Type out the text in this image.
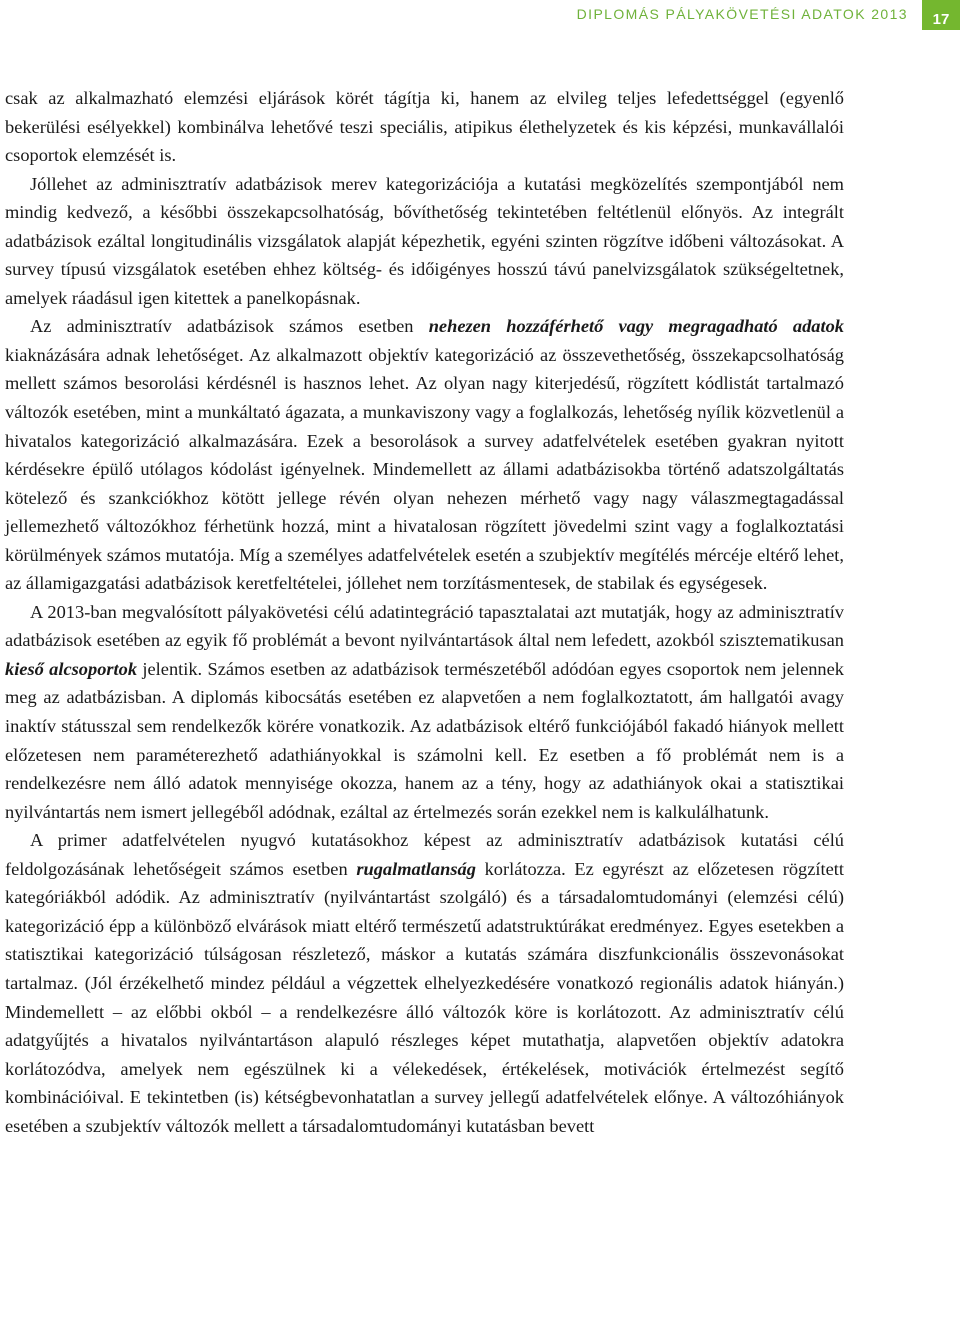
DIPLOMÁS PÁLYAKÖVETÉSI ADATOK 2013	17

csak az alkalmazható elemzési eljárások körét tágítja ki, hanem az elvileg teljes lefedettséggel (egyenlő bekerülési esélyekkel) kombinálva lehetővé teszi speciális, atipikus élethelyzetek és kis képzési, munkavállalói csoportok elemzését is.

Jóllehet az adminisztratív adatbázisok merev kategorizációja a kutatási megközelítés szempontjából nem mindig kedvező, a későbbi összekapcsolhatóság, bővíthetőség tekintetében feltétlenül előnyös. Az integrált adatbázisok ezáltal longitudinális vizsgálatok alapját képezhetik, egyéni szinten rögzítve időbeni változásokat. A survey típusú vizsgálatok esetében ehhez költség- és időigényes hosszú távú panelvizsgálatok szükségeltetnek, amelyek ráadásul igen kitettek a panelkopásnak.

Az adminisztratív adatbázisok számos esetben nehezen hozzáférhető vagy megragadható adatok kiaknázására adnak lehetőséget. Az alkalmazott objektív kategorizáció az összevethetőség, összekapcsolhatóság mellett számos besorolási kérdésnél is hasznos lehet. Az olyan nagy kiterjedésű, rögzített kódlistát tartalmazó változók esetében, mint a munkáltató ágazata, a munkaviszony vagy a foglalkozás, lehetőség nyílik közvetlenül a hivatalos kategorizáció alkalmazására. Ezek a besorolások a survey adatfelvételek esetében gyakran nyitott kérdésekre épülő utólagos kódolást igényelnek. Mindemellett az állami adatbázisokba történő adatszolgáltatás kötelező és szankciókhoz kötött jellege révén olyan nehezen mérhető vagy nagy válaszmegtagadással jellemezhető változókhoz férhetünk hozzá, mint a hivatalosan rögzített jövedelmi szint vagy a foglalkoztatási körülmények számos mutatója. Míg a személyes adatfelvételek esetén a szubjektív megítélés mércéje eltérő lehet, az államigazgatási adatbázisok keretfeltételei, jóllehet nem torzításmentesek, de stabilak és egységesek.

A 2013-ban megvalósított pályakövetési célú adatintegráció tapasztalatai azt mutatják, hogy az adminisztratív adatbázisok esetében az egyik fő problémát a bevont nyilvántartások által nem lefedett, azokból szisztematikusan kieső alcsoportok jelentik. Számos esetben az adatbázisok természetéből adódóan egyes csoportok nem jelennek meg az adatbázisban. A diplomás kibocsátás esetében ez alapvetően a nem foglalkoztatott, ám hallgatói avagy inaktív státusszal sem rendelkezők körére vonatkozik. Az adatbázisok eltérő funkciójából fakadó hiányok mellett előzetesen nem paraméterezhető adathiányokkal is számolni kell. Ez esetben a fő problémát nem is a rendelkezésre nem álló adatok mennyisége okozza, hanem az a tény, hogy az adathiányok okai a statisztikai nyilvántartás nem ismert jellegéből adódnak, ezáltal az értelmezés során ezekkel nem is kalkulálhatunk.

A primer adatfelvételen nyugvó kutatásokhoz képest az adminisztratív adatbázisok kutatási célú feldolgozásának lehetőségeit számos esetben rugalmatlanság korlátozza. Ez egyrészt az előzetesen rögzített kategóriákból adódik. Az adminisztratív (nyilvántartást szolgáló) és a társadalomtudományi (elemzési célú) kategorizáció épp a különböző elvárások miatt eltérő természetű adatstruktúrákat eredményez. Egyes esetekben a statisztikai kategorizáció túlságosan részletező, máskor a kutatás számára diszfunkcionális összevonásokat tartalmaz. (Jól érzékelhető mindez például a végzettek elhelyezkedésére vonatkozó regionális adatok hiányán.) Mindemellett – az előbbi okból – a rendelkezésre álló változók köre is korlátozott. Az adminisztratív célú adatgyűjtés a hivatalos nyilvántartáson alapuló részleges képet mutathatja, alapvetően objektív adatokra korlátozódva, amelyek nem egészülnek ki a vélekedések, értékelések, motivációk értelmezést segítő kombinációival. E tekintetben (is) kétségbevonhatatlan a survey jellegű adatfelvételek előnye. A változóhiányok esetében a szubjektív változók mellett a társadalomtudományi kutatásban bevett
